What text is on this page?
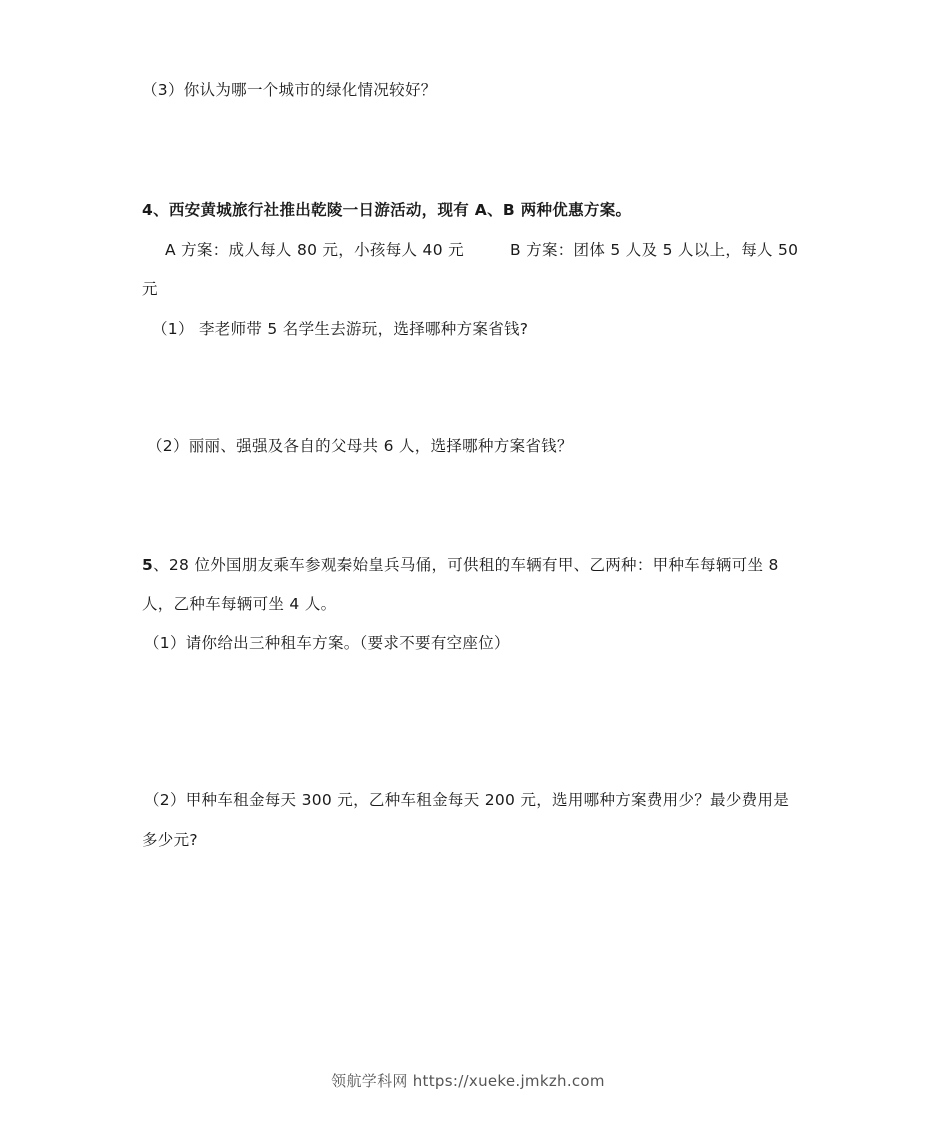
（3）你认为哪一个城市的绿化情况较好？
4、西安黄城旅行社推出乾陵一日游活动，现有 A、B 两种优惠方案。
A 方案：成人每人 80 元，小孩每人 40 元	B 方案：团体 5 人及 5 人以上，每人 50
元
（1） 李老师带 5 名学生去游玩，选择哪种方案省钱?
（2）丽丽、强强及各自的父母共 6 人，选择哪种方案省钱？
5、28 位外国朋友乘车参观秦始皇兵马俑，可供租的车辆有甲、乙两种：甲种车每辆可坐 8
人，乙种车每辆可坐 4 人。
（1）请你给出三种租车方案。（要求不要有空座位）
（2）甲种车租金每天 300 元，乙种车租金每天 200 元，选用哪种方案费用少？最少费用是
多少元?
领航学科网 https://xueke.jmkzh.com
